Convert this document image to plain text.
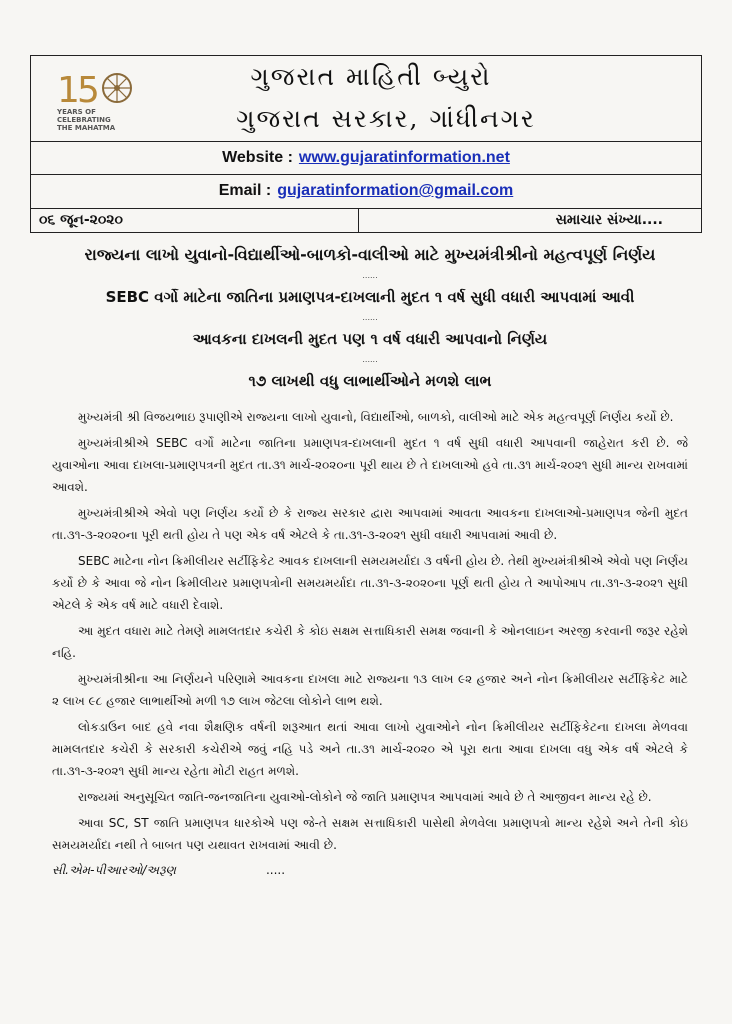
1
5
YEARS OF
CELEBRATING
THE MAHATMA
ગુજરાત માહિતી બ્યુરો
ગુજરાત સરકાર, ગાંધીનગર
Website : www.gujaratinformation.net
Email : gujaratinformation@gmail.com
૦૬ જૂન-૨૦૨૦	સમાચાર સંખ્યા....

રાજ્યના લાખો યુવાનો-વિદ્યાર્થીઓ-બાળકો-વાલીઓ માટે મુખ્યમંત્રીશ્રીનો મહત્વપૂર્ણ નિર્ણય

......

SEBC વર્ગો માટેના જાતિના પ્રમાણપત્ર-દાખલાની મુદત ૧ વર્ષ સુધી વધારી આપવામાં આવી

......

આવકના દાખલની મુદત પણ ૧ વર્ષ વધારી આપવાનો નિર્ણય

......

૧૭ લાખથી વધુ લાભાર્થીઓને મળશે લાભ

મુખ્યમંત્રી શ્રી વિજયભાઇ રૂપાણીએ રાજ્યના લાખો યુવાનો, વિદ્યાર્થીઓ, બાળકો, વાલીઓ માટે એક મહત્વપૂર્ણ નિર્ણય કર્યો છે.

મુખ્યમંત્રીશ્રીએ SEBC વર્ગો માટેના જાતિના પ્રમાણપત્ર-દાખલાની મુદત ૧ વર્ષ સુધી વધારી આપવાની જાહેરાત કરી છે. જે યુવાઓના આવા દાખલા-પ્રમાણપત્રની મુદત તા.૩૧ માર્ચ-૨૦૨૦ના પૂરી થાય છે તે દાખલાઓ હવે તા.૩૧ માર્ચ-૨૦૨૧ સુધી માન્ય રાખવામાં આવશે.

મુખ્યમંત્રીશ્રીએ એવો પણ નિર્ણય કર્યો છે કે રાજ્ય સરકાર દ્વારા આપવામાં આવતા આવકના દાખલાઓ-પ્રમાણપત્ર જેની મુદત તા.૩૧-૩-૨૦૨૦ના પૂરી થતી હોય તે પણ એક વર્ષ એટલે કે તા.૩૧-૩-૨૦૨૧ સુધી વધારી આપવામાં આવી છે.

SEBC માટેના નોન ક્રિમીલીયર સર્ટીફિકેટ આવક દાખલાની સમયમર્યાદા ૩ વર્ષની હોય છે. તેથી મુખ્યમંત્રીશ્રીએ એવો પણ નિર્ણય કર્યો છે કે આવા જે નોન ક્રિમીલીયર પ્રમાણપત્રોની સમયમર્યાદા તા.૩૧-૩-૨૦૨૦ના પૂર્ણ થતી હોય તે આપોઆપ તા.૩૧-૩-૨૦૨૧ સુધી એટલે કે એક વર્ષ માટે વધારી દેવાશે.

આ મુદત વધારા માટે તેમણે મામલતદાર કચેરી કે કોઇ સક્ષમ સત્તાધિકારી સમક્ષ જવાની કે ઓનલાઇન અરજી કરવાની જરૂર રહેશે નહિ.

મુખ્યમંત્રીશ્રીના આ નિર્ણયને પરિણામે આવકના દાખલા માટે રાજ્યના ૧૩ લાખ ૯૨ હજાર અને નોન ક્રિમીલીયર સર્ટીફિકેટ માટે ૨ લાખ ૯૮ હજાર લાભાર્થીઓ મળી ૧૭ લાખ જેટલા લોકોને લાભ થશે.

લોકડાઉન બાદ હવે નવા શૈક્ષણિક વર્ષની શરૂઆત થતાં આવા લાખો યુવાઓને નોન ક્રિમીલીયર સર્ટીફિકેટના દાખલા મેળવવા મામલતદાર કચેરી કે સરકારી કચેરીએ જવું નહિ પડે અને તા.૩૧ માર્ચ-૨૦૨૦ એ પૂરા થતા આવા દાખલા વધુ એક વર્ષ એટલે કે તા.૩૧-૩-૨૦૨૧ સુધી માન્ય રહેતા મોટી રાહત મળશે.

રાજ્યમાં અનુસૂચિત જાતિ-જનજાતિના યુવાઓ-લોકોને જે જાતિ પ્રમાણપત્ર આપવામાં આવે છે તે આજીવન માન્ય રહે છે.

આવા SC, ST જાતિ પ્રમાણપત્ર ધારકોએ પણ જે-તે સક્ષમ સત્તાધિકારી પાસેથી મેળવેલા પ્રમાણપત્રો માન્ય રહેશે અને તેની કોઇ સમયમર્યાદા નથી તે બાબત પણ યથાવત રાખવામાં આવી છે.

સી.એમ-પીઆરઓ/અરૂણ	.....
